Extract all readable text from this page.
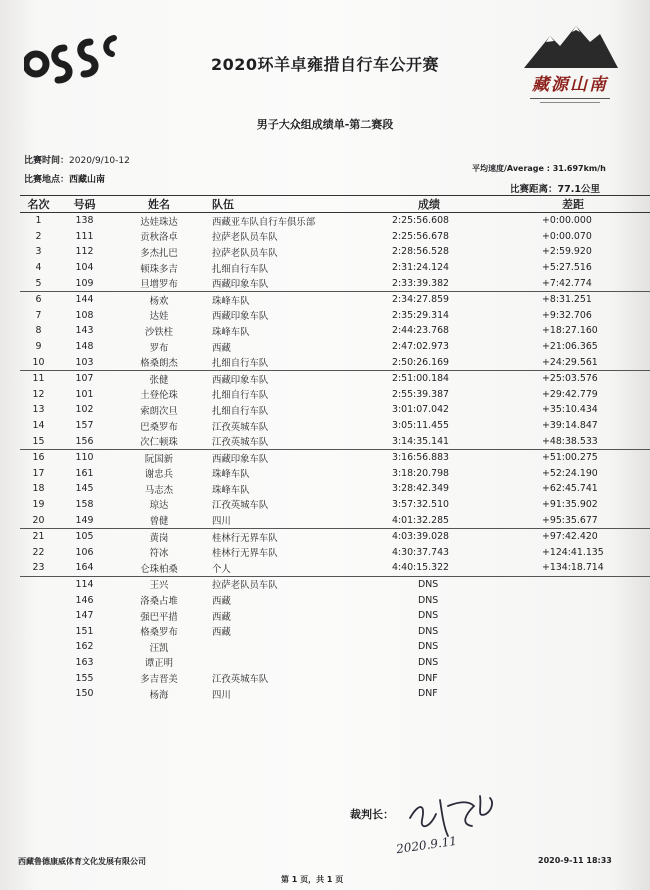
2020环羊卓雍措自行车公开赛
藏源山南
男子大众组成绩单-第二赛段
比赛时间：2020/9/10-12
比赛地点：西藏山南
平均速度/Average : 31.697km/h
比赛距离：77.1公里
名次	号码	姓名	队伍	成绩	差距
1	138	达娃珠达	西藏亚车队自行车俱乐部	2:25:56.608	+0:00.000
2	111	贡秋洛卓	拉萨老队员车队	2:25:56.678	+0:00.070
3	112	多杰扎巴	拉萨老队员车队	2:28:56.528	+2:59.920
4	104	顿珠多吉	扎细自行车队	2:31:24.124	+5:27.516
5	109	旦增罗布	西藏印象车队	2:33:39.382	+7:42.774
6	144	杨欢	珠峰车队	2:34:27.859	+8:31.251
7	108	达娃	西藏印象车队	2:35:29.314	+9:32.706
8	143	沙铁柱	珠峰车队	2:44:23.768	+18:27.160
9	148	罗布	西藏	2:47:02.973	+21:06.365
10	103	格桑朗杰	扎细自行车队	2:50:26.169	+24:29.561
11	107	张健	西藏印象车队	2:51:00.184	+25:03.576
12	101	土登伦珠	扎细自行车队	2:55:39.387	+29:42.779
13	102	索朗次旦	扎细自行车队	3:01:07.042	+35:10.434
14	157	巴桑罗布	江孜英城车队	3:05:11.455	+39:14.847
15	156	次仁顿珠	江孜英城车队	3:14:35.141	+48:38.533
16	110	阮国新	西藏印象车队	3:16:56.883	+51:00.275
17	161	谢忠兵	珠峰车队	3:18:20.798	+52:24.190
18	145	马志杰	珠峰车队	3:28:42.349	+62:45.741
19	158	琼达	江孜英城车队	3:57:32.510	+91:35.902
20	149	曾健	四川	4:01:32.285	+95:35.677
21	105	黄岗	桂林行无界车队	4:03:39.028	+97:42.420
22	106	符冰	桂林行无界车队	4:30:37.743	+124:41.135
23	164	仑珠柏桑	个人	4:40:15.322	+134:18.714
	114	王兴	拉萨老队员车队	DNS	
	146	洛桑占堆	西藏	DNS	
	147	强巴平措	西藏	DNS	
	151	格桑罗布	西藏	DNS	
	162	汪凯		DNS	
	163	谭正明		DNS	
	155	多吉晋美	江孜英城车队	DNF	
	150	杨海	四川	DNF	
裁判长：
2020.9.11
西藏鲁德康威体育文化发展有限公司	2020-9-11 18:33
第 1 页，共 1 页
